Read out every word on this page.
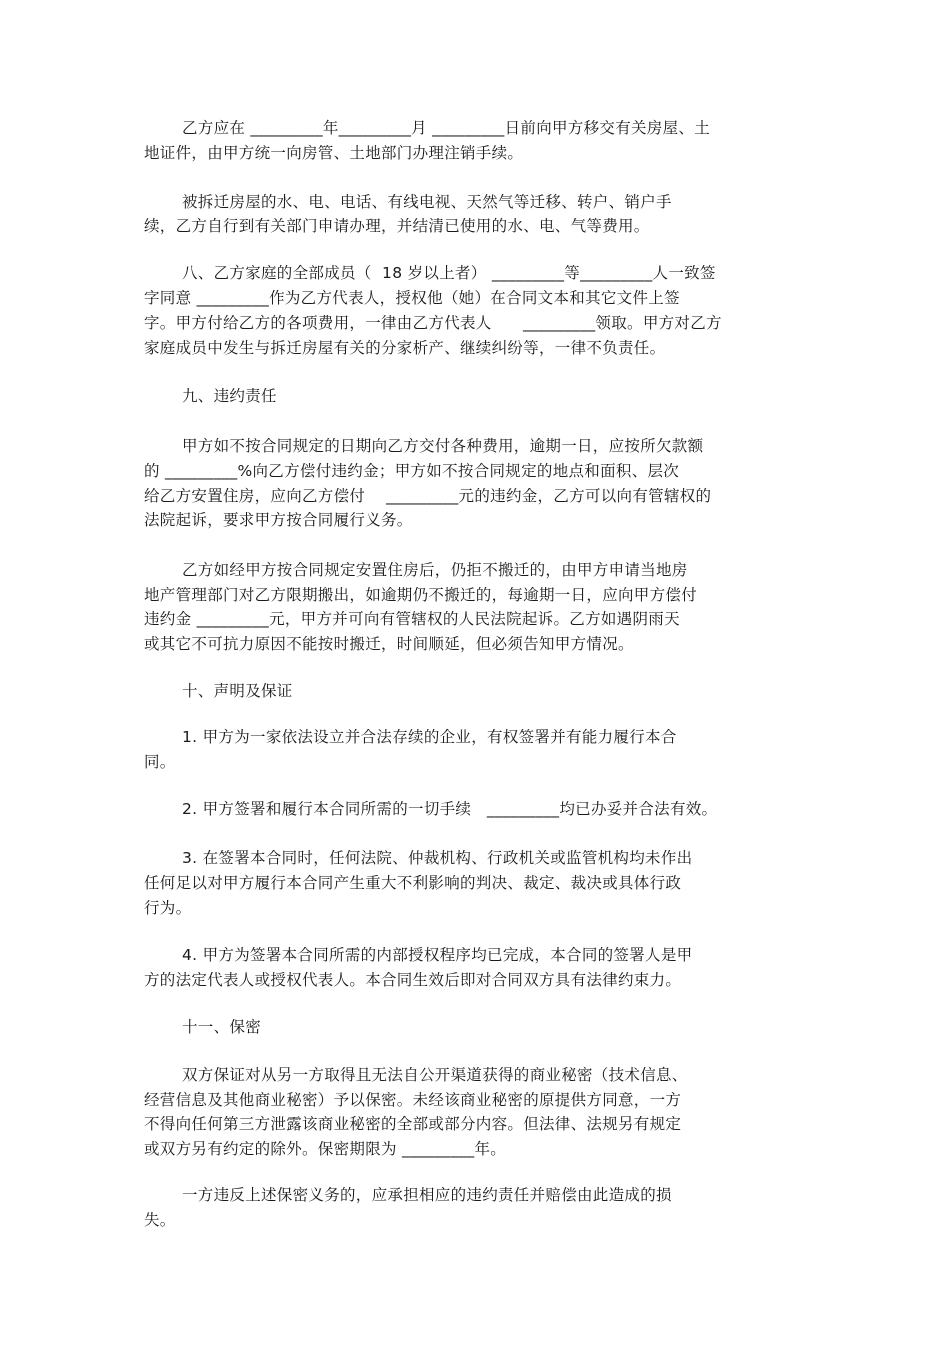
乙方应在 _________年_________月 _________日前向甲方移交有关房屋、土
地证件，由甲方统一向房管、土地部门办理注销手续。
被拆迁房屋的水、电、电话、有线电视、天然气等迁移、转户、销户手
续，乙方自行到有关部门申请办理，并结清已使用的水、电、气等费用。
八、乙方家庭的全部成员（  18 岁以上者） _________等_________人一致签
字同意 _________作为乙方代表人，授权他（她）在合同文本和其它文件上签
字。甲方付给乙方的各项费用，一律由乙方代表人      _________领取。甲方对乙方
家庭成员中发生与拆迁房屋有关的分家析产、继续纠纷等，一律不负责任。
九、违约责任
甲方如不按合同规定的日期向乙方交付各种费用，逾期一日，应按所欠款额
的 _________%向乙方偿付违约金；甲方如不按合同规定的地点和面积、层次
给乙方安置住房，应向乙方偿付    _________元的违约金，乙方可以向有管辖权的
法院起诉，要求甲方按合同履行义务。
乙方如经甲方按合同规定安置住房后，仍拒不搬迁的，由甲方申请当地房
地产管理部门对乙方限期搬出，如逾期仍不搬迁的，每逾期一日，应向甲方偿付
违约金 _________元，甲方并可向有管辖权的人民法院起诉。乙方如遇阴雨天
或其它不可抗力原因不能按时搬迁，时间顺延，但必须告知甲方情况。
十、声明及保证
1. 甲方为一家依法设立并合法存续的企业，有权签署并有能力履行本合
同。
2. 甲方签署和履行本合同所需的一切手续   _________均已办妥并合法有效。
3. 在签署本合同时，任何法院、仲裁机构、行政机关或监管机构均未作出
任何足以对甲方履行本合同产生重大不利影响的判决、裁定、裁决或具体行政
行为。
4. 甲方为签署本合同所需的内部授权程序均已完成，本合同的签署人是甲
方的法定代表人或授权代表人。本合同生效后即对合同双方具有法律约束力。
十一、保密
双方保证对从另一方取得且无法自公开渠道获得的商业秘密（技术信息、
经营信息及其他商业秘密）予以保密。未经该商业秘密的原提供方同意，一方
不得向任何第三方泄露该商业秘密的全部或部分内容。但法律、法规另有规定
或双方另有约定的除外。保密期限为 _________年。
一方违反上述保密义务的，应承担相应的违约责任并赔偿由此造成的损
失。
